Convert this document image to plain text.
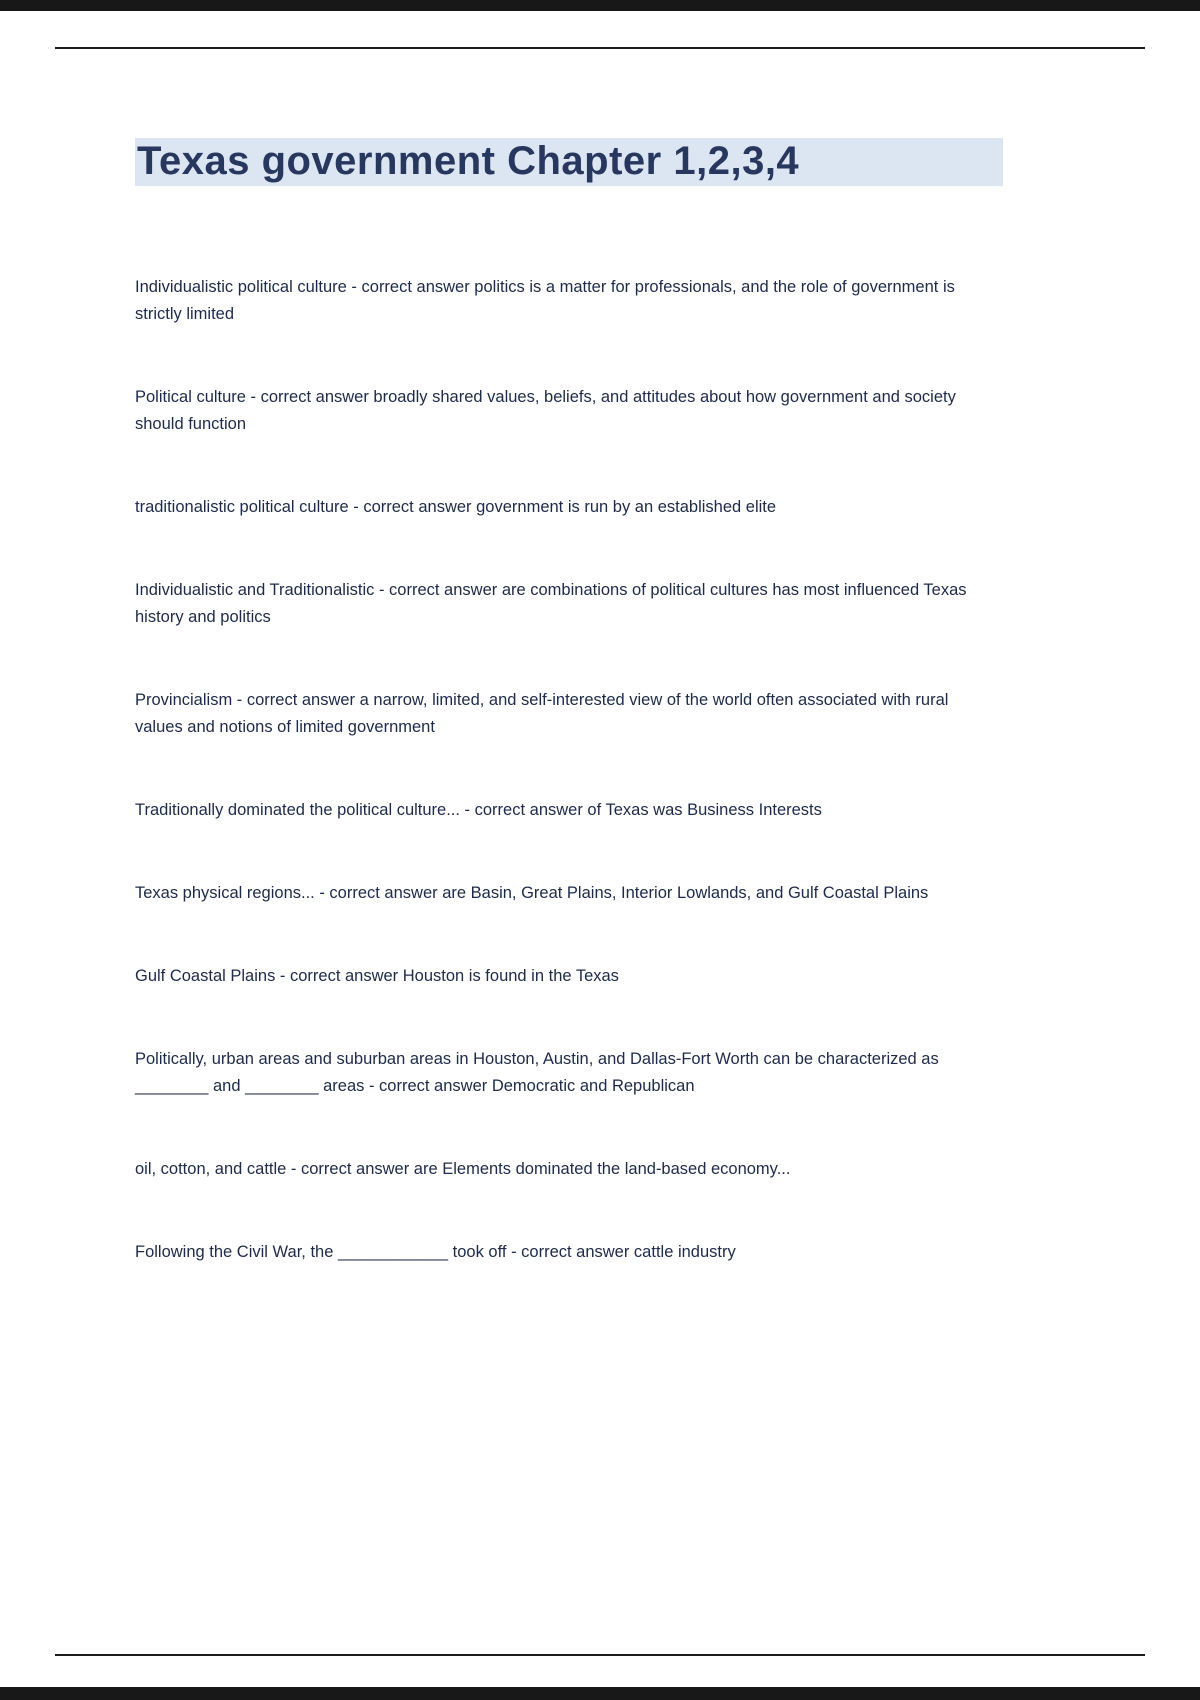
Texas government Chapter 1,2,3,4

Individualistic political culture - correct answer politics is a matter for professionals, and the role of government is strictly limited

Political culture - correct answer broadly shared values, beliefs, and attitudes about how government and society should function

traditionalistic political culture - correct answer government is run by an established elite

Individualistic and Traditionalistic - correct answer are combinations of political cultures has most influenced Texas history and politics

Provincialism - correct answer a narrow, limited, and self-interested view of the world often associated with rural values and notions of limited government

Traditionally dominated the political culture... - correct answer of Texas was Business Interests

Texas physical regions... - correct answer are Basin, Great Plains, Interior Lowlands, and Gulf Coastal Plains

Gulf Coastal Plains - correct answer Houston is found in the Texas

Politically, urban areas and suburban areas in Houston, Austin, and Dallas-Fort Worth can be characterized as ________ and ________ areas - correct answer Democratic and Republican

oil, cotton, and cattle - correct answer are Elements dominated the land-based economy...

Following the Civil War, the ____________ took off - correct answer cattle industry
